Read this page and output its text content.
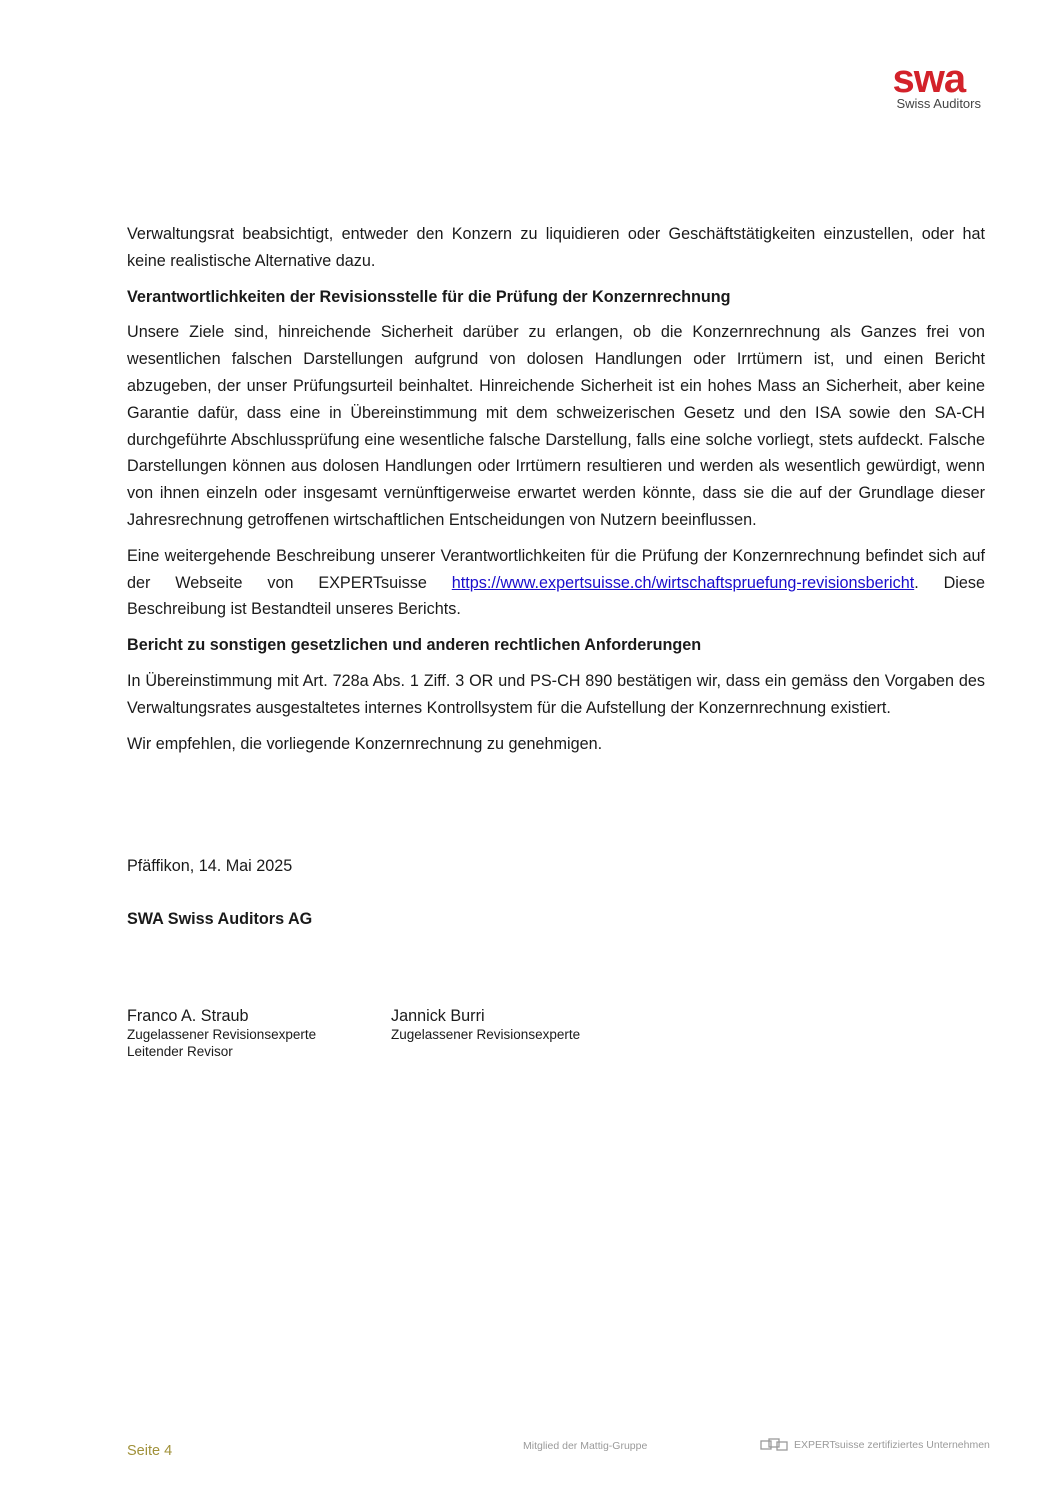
swa
Swiss Auditors

Verwaltungsrat beabsichtigt, entweder den Konzern zu liquidieren oder Geschäftstätigkeiten einzustellen, oder hat keine realistische Alternative dazu.

Verantwortlichkeiten der Revisionsstelle für die Prüfung der Konzernrechnung

Unsere Ziele sind, hinreichende Sicherheit darüber zu erlangen, ob die Konzernrechnung als Ganzes frei von wesentlichen falschen Darstellungen aufgrund von dolosen Handlungen oder Irrtümern ist, und einen Bericht abzugeben, der unser Prüfungsurteil beinhaltet. Hinreichende Sicherheit ist ein hohes Mass an Sicherheit, aber keine Garantie dafür, dass eine in Übereinstimmung mit dem schweizerischen Gesetz und den ISA sowie den SA-CH durchgeführte Abschlussprüfung eine wesentliche falsche Darstellung, falls eine solche vorliegt, stets aufdeckt. Falsche Darstellungen können aus dolosen Handlungen oder Irrtümern resultieren und werden als wesentlich gewürdigt, wenn von ihnen einzeln oder insgesamt vernünftigerweise erwartet werden könnte, dass sie die auf der Grundlage dieser Jahresrechnung getroffenen wirtschaftlichen Entscheidungen von Nutzern beeinflussen.

Eine weitergehende Beschreibung unserer Verantwortlichkeiten für die Prüfung der Konzernrechnung befindet sich auf der Webseite von EXPERTsuisse https://www.expertsuisse.ch/wirtschaftspruefung-revisionsbericht. Diese Beschreibung ist Bestandteil unseres Berichts.

Bericht zu sonstigen gesetzlichen und anderen rechtlichen Anforderungen

In Übereinstimmung mit Art. 728a Abs. 1 Ziff. 3 OR und PS-CH 890 bestätigen wir, dass ein gemäss den Vorgaben des Verwaltungsrates ausgestaltetes internes Kontrollsystem für die Aufstellung der Konzernrechnung existiert.

Wir empfehlen, die vorliegende Konzernrechnung zu genehmigen.

Pfäffikon, 14. Mai 2025
SWA Swiss Auditors AG
Franco A. Straub
Zugelassener Revisionsexperte
Leitender Revisor
Jannick Burri
Zugelassener Revisionsexperte
Seite 4	Mitglied der Mattig-Gruppe	EXPERTsuisse zertifiziertes Unternehmen
